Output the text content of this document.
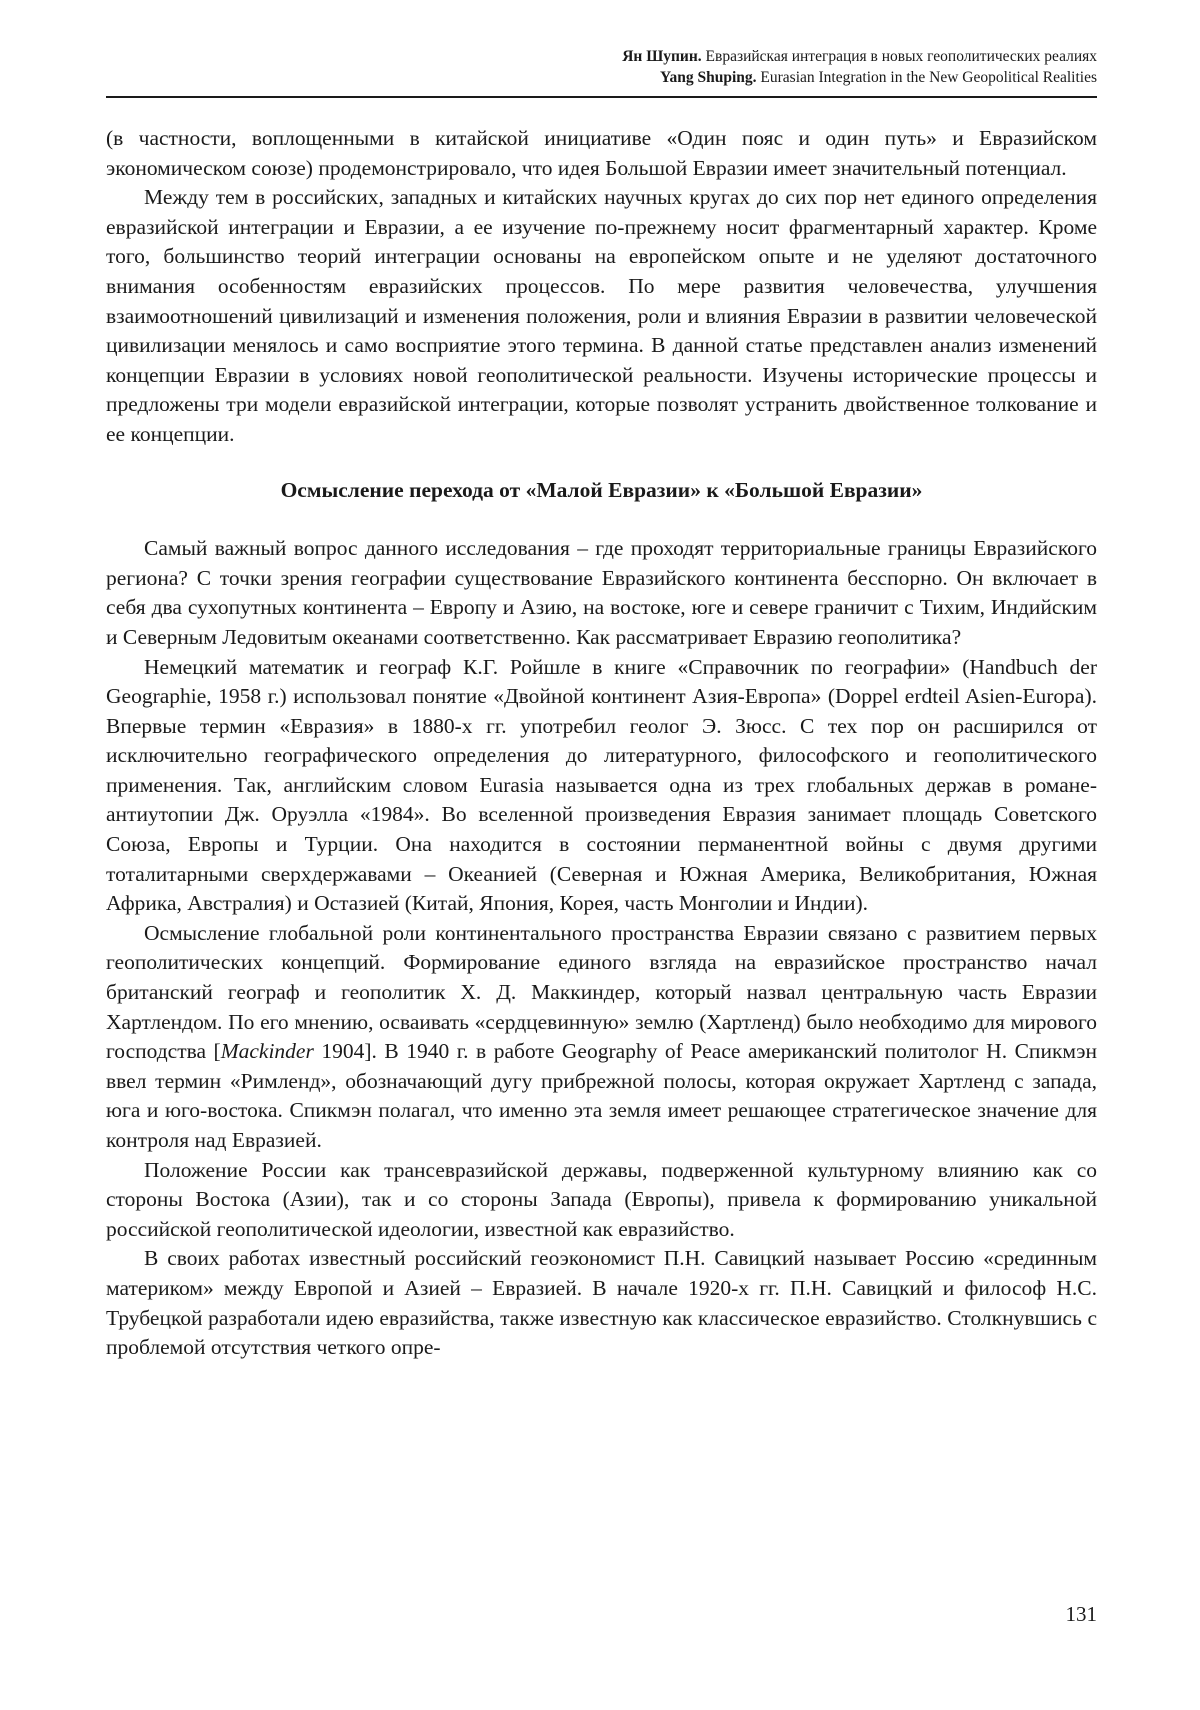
Ян Шупин. Евразийская интеграция в новых геополитических реалиях
Yang Shuping. Eurasian Integration in the New Geopolitical Realities

(в частности, воплощенными в китайской инициативе «Один пояс и один путь» и Евразийском экономическом союзе) продемонстрировало, что идея Большой Евразии имеет значительный потенциал.

Между тем в российских, западных и китайских научных кругах до сих пор нет единого определения евразийской интеграции и Евразии, а ее изучение по-прежнему носит фрагментарный характер. Кроме того, большинство теорий интеграции основаны на европейском опыте и не уделяют достаточного внимания особенностям евразийских процессов. По мере развития человечества, улучшения взаимоотношений цивилизаций и изменения положения, роли и влияния Евразии в развитии человеческой цивилизации менялось и само восприятие этого термина. В данной статье представлен анализ изменений концепции Евразии в условиях новой геополитической реальности. Изучены исторические процессы и предложены три модели евразийской интеграции, которые позволят устранить двойственное толкование и ее концепции.

Осмысление перехода от «Малой Евразии» к «Большой Евразии»

Самый важный вопрос данного исследования – где проходят территориальные границы Евразийского региона? С точки зрения географии существование Евразийского континента бесспорно. Он включает в себя два сухопутных континента – Европу и Азию, на востоке, юге и севере граничит с Тихим, Индийским и Северным Ледовитым океанами соответственно. Как рассматривает Евразию геополитика?

Немецкий математик и географ К.Г. Ройшле в книге «Справочник по географии» (Handbuch der Geographie, 1958 г.) использовал понятие «Двойной континент Азия-Европа» (Doppel erdteil Asien-Europa). Впервые термин «Евразия» в 1880-х гг. употребил геолог Э. Зюсс. С тех пор он расширился от исключительно географического определения до литературного, философского и геополитического применения. Так, английским словом Eurasia называется одна из трех глобальных держав в романе-антиутопии Дж. Оруэлла «1984». Во вселенной произведения Евразия занимает площадь Советского Союза, Европы и Турции. Она находится в состоянии перманентной войны с двумя другими тоталитарными сверхдержавами – Океанией (Северная и Южная Америка, Великобритания, Южная Африка, Австралия) и Остазией (Китай, Япония, Корея, часть Монголии и Индии).

Осмысление глобальной роли континентального пространства Евразии связано с развитием первых геополитических концепций. Формирование единого взгляда на евразийское пространство начал британский географ и геополитик Х. Д. Маккиндер, который назвал центральную часть Евразии Хартлендом. По его мнению, осваивать «сердцевинную» землю (Хартленд) было необходимо для мирового господства [Mackinder 1904]. В 1940 г. в работе Geography of Peace американский политолог Н. Спикмэн ввел термин «Римленд», обозначающий дугу прибрежной полосы, которая окружает Хартленд с запада, юга и юго-востока. Спикмэн полагал, что именно эта земля имеет решающее стратегическое значение для контроля над Евразией.

Положение России как трансевразийской державы, подверженной культурному влиянию как со стороны Востока (Азии), так и со стороны Запада (Европы), привела к формированию уникальной российской геополитической идеологии, известной как евразийство.

В своих работах известный российский геоэкономист П.Н. Савицкий называет Россию «срединным материком» между Европой и Азией – Евразией. В начале 1920-х гг. П.Н. Савицкий и философ Н.С. Трубецкой разработали идею евразийства, также известную как классическое евразийство. Столкнувшись с проблемой отсутствия четкого опре-

131
